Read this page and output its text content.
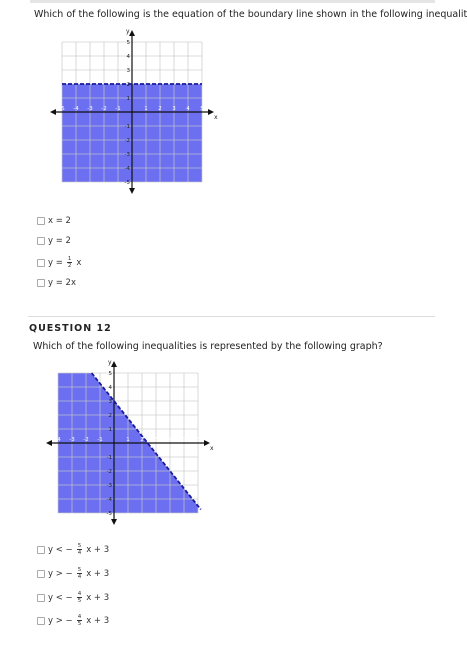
Which of the following is the equation of the boundary line shown in the following inequalit
-5 -4 -3 -2 -1	1 2 3 4 5
5
4
3
2
1
-1
-2
-3
-4
-5
x
y
x = 2
y = 2
$y = \frac{1}{2}$ x
y = 2x
QUESTION 12
Which of the following inequalities is represented by the following graph?
-4 -3 -2 -1	1 2 3 4 5 6
5
4
3
2
1
-1
-2
-3
-4
-5
x
y
y < − $\frac{5}{4}$ x + 3
y > − $\frac{5}{4}$ x + 3
y < − $\frac{4}{5}$ x + 3
y > − $\frac{4}{5}$ x + 3
